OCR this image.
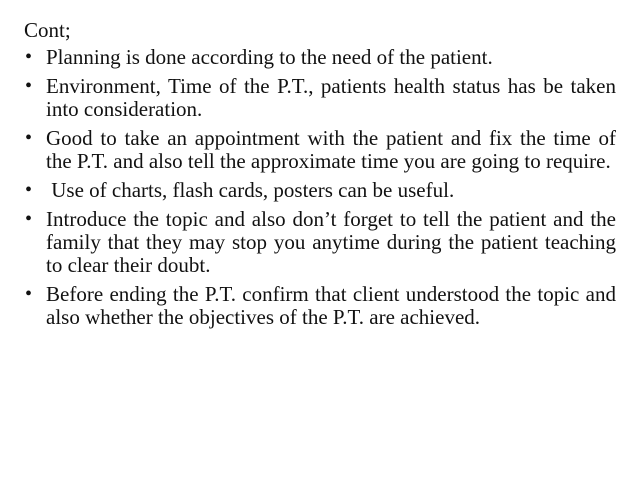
Cont;
• Planning is done according to the need of the patient.
• Environment, Time of the P.T., patients health status has be taken into consideration.
• Good to take an appointment with the patient and fix the time of the P.T. and also tell the approximate time you are going to require.
• Use of charts, flash cards, posters can be useful.
• Introduce the topic and also don’t forget to tell the patient and the family that they may stop you anytime during the patient teaching to clear their doubt.
• Before ending the P.T. confirm that client understood the topic and also whether the objectives of the P.T. are achieved.
